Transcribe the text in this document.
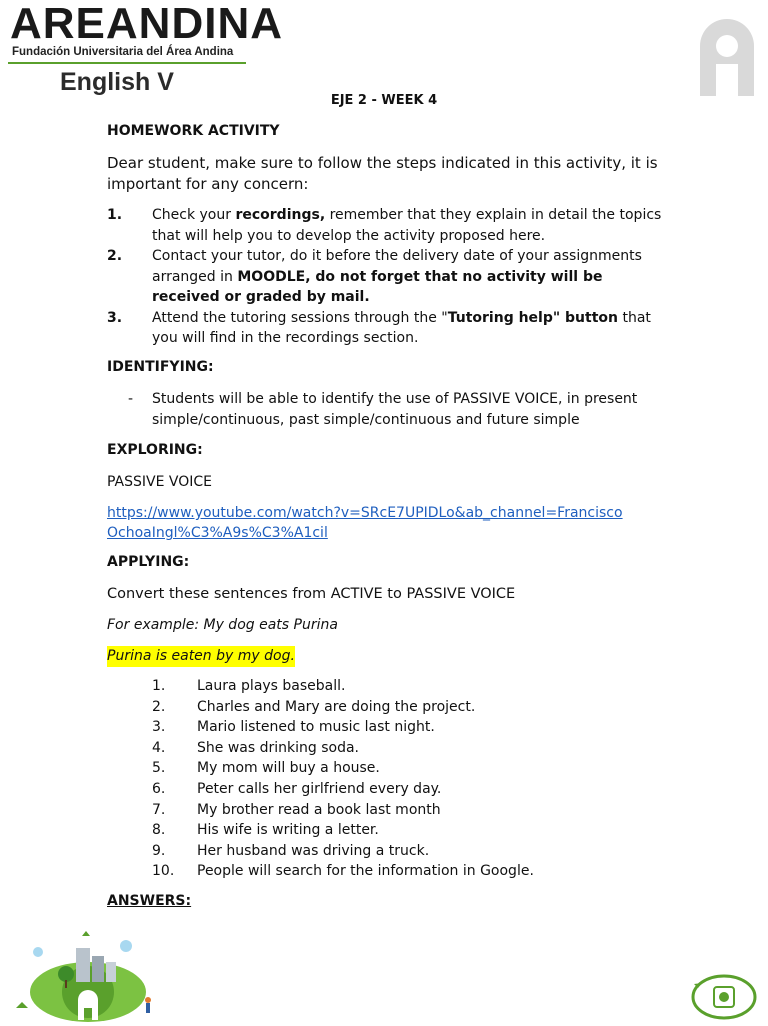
AREANDINA
Fundación Universitaria del Área Andina
English V
EJE 2 - WEEK 4
HOMEWORK ACTIVITY
Dear student, make sure to follow the steps indicated in this activity, it is important for any concern:
1.	Check your recordings, remember that they explain in detail the topics that will help you to develop the activity proposed here.
2.	Contact your tutor, do it before the delivery date of your assignments arranged in MOODLE, do not forget that no activity will be received or graded by mail.
3.	Attend the tutoring sessions through the "Tutoring help" button that you will find in the recordings section.
IDENTIFYING:
-	Students will be able to identify the use of PASSIVE VOICE, in present simple/continuous, past simple/continuous and future simple
EXPLORING:
PASSIVE VOICE
https://www.youtube.com/watch?v=SRcE7UPIDLo&ab_channel=Francisco
OchoaIngl%C3%A9s%C3%A1cil
APPLYING:
Convert these sentences from ACTIVE to PASSIVE VOICE
For example: My dog eats Purina
Purina is eaten by my dog.
1.	Laura plays baseball.
2.	Charles and Mary are doing the project.
3.	Mario listened to music last night.
4.	She was drinking soda.
5.	My mom will buy a house.
6.	Peter calls her girlfriend every day.
7.	My brother read a book last month
8.	His wife is writing a letter.
9.	Her husband was driving a truck.
10.	People will search for the information in Google.
ANSWERS:
